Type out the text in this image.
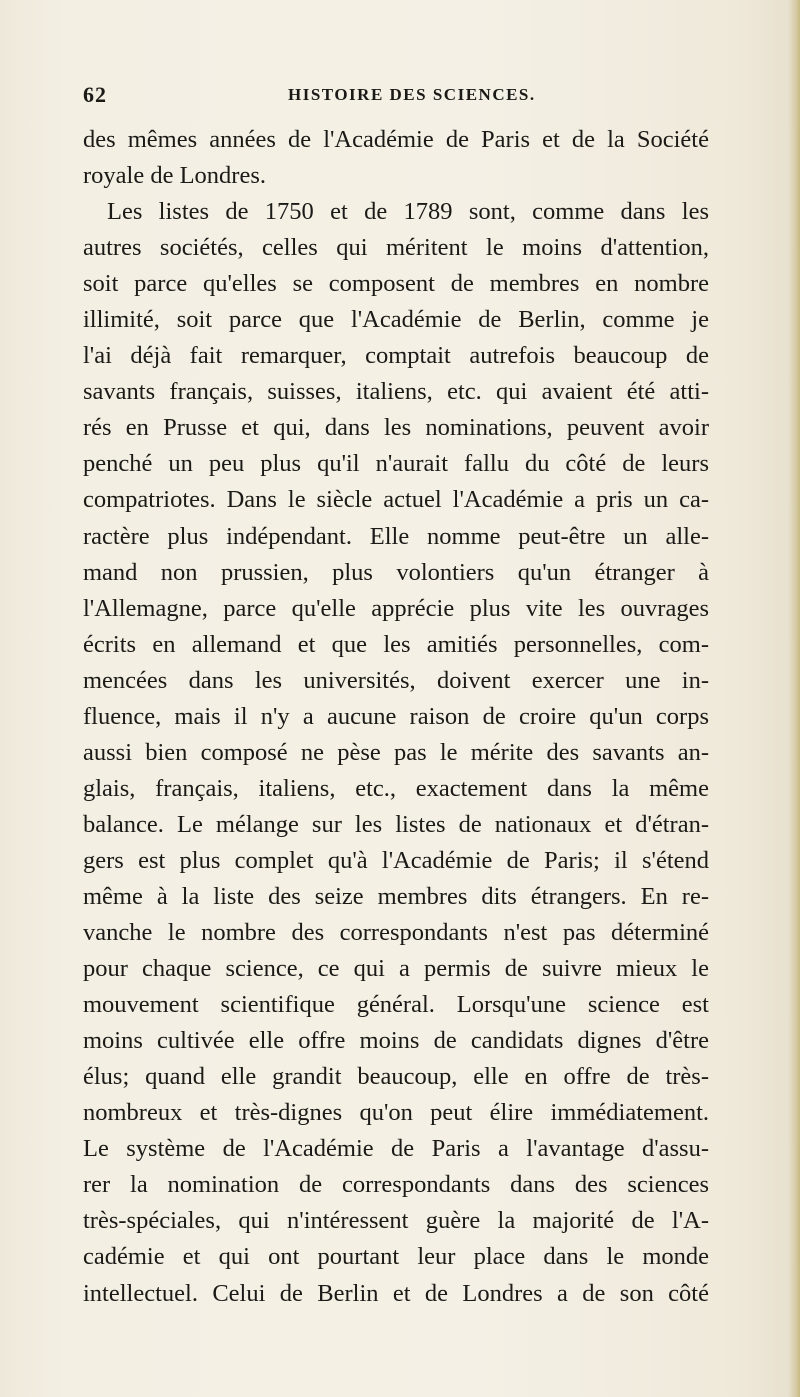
62	HISTOIRE DES SCIENCES.
des mêmes années de l'Académie de Paris et de la Société
royale de Londres.
Les listes de 1750 et de 1789 sont, comme dans les
autres sociétés, celles qui méritent le moins d'attention,
soit parce qu'elles se composent de membres en nombre
illimité, soit parce que l'Académie de Berlin, comme je
l'ai déjà fait remarquer, comptait autrefois beaucoup de
savants français, suisses, italiens, etc. qui avaient été atti-
rés en Prusse et qui, dans les nominations, peuvent avoir
penché un peu plus qu'il n'aurait fallu du côté de leurs
compatriotes. Dans le siècle actuel l'Académie a pris un ca-
ractère plus indépendant. Elle nomme peut-être un alle-
mand non prussien, plus volontiers qu'un étranger à
l'Allemagne, parce qu'elle apprécie plus vite les ouvrages
écrits en allemand et que les amitiés personnelles, com-
mencées dans les universités, doivent exercer une in-
fluence, mais il n'y a aucune raison de croire qu'un corps
aussi bien composé ne pèse pas le mérite des savants an-
glais, français, italiens, etc., exactement dans la même
balance. Le mélange sur les listes de nationaux et d'étran-
gers est plus complet qu'à l'Académie de Paris; il s'étend
même à la liste des seize membres dits étrangers. En re-
vanche le nombre des correspondants n'est pas déterminé
pour chaque science, ce qui a permis de suivre mieux le
mouvement scientifique général. Lorsqu'une science est
moins cultivée elle offre moins de candidats dignes d'être
élus; quand elle grandit beaucoup, elle en offre de très-
nombreux et très-dignes qu'on peut élire immédiatement.
Le système de l'Académie de Paris a l'avantage d'assu-
rer la nomination de correspondants dans des sciences
très-spéciales, qui n'intéressent guère la majorité de l'A-
cadémie et qui ont pourtant leur place dans le monde
intellectuel. Celui de Berlin et de Londres a de son côté
